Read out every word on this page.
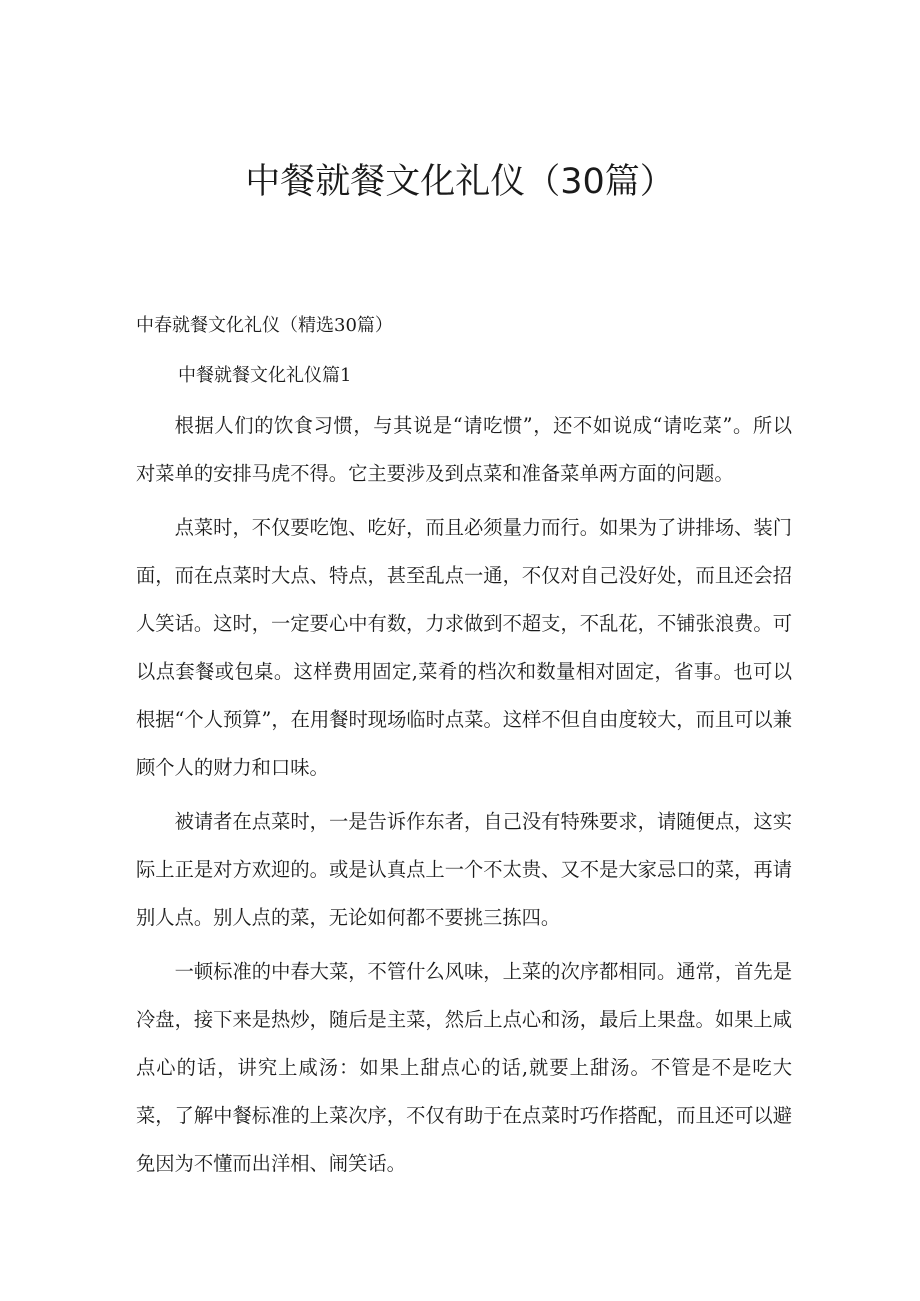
中餐就餐文化礼仪（30篇）
中春就餐文化礼仪（精选30篇）
中餐就餐文化礼仪篇1

根据人们的饮食习惯，与其说是“请吃惯”，还不如说成“请吃菜”。所以对菜单的安排马虎不得。它主要涉及到点菜和准备菜单两方面的问题。

点菜时，不仅要吃饱、吃好，而且必须量力而行。如果为了讲排场、装门面，而在点菜时大点、特点，甚至乱点一通，不仅对自己没好处，而且还会招人笑话。这时，一定要心中有数，力求做到不超支，不乱花，不铺张浪费。可以点套餐或包桌。这样费用固定,菜肴的档次和数量相对固定，省事。也可以根据“个人预算”，在用餐时现场临时点菜。这样不但自由度较大，而且可以兼顾个人的财力和口味。

被请者在点菜时，一是告诉作东者，自己没有特殊要求，请随便点，这实际上正是对方欢迎的。或是认真点上一个不太贵、又不是大家忌口的菜，再请别人点。别人点的菜，无论如何都不要挑三拣四。

一顿标准的中春大菜，不管什么风味，上菜的次序都相同。通常，首先是冷盘，接下来是热炒，随后是主菜，然后上点心和汤，最后上果盘。如果上咸点心的话，讲究上咸汤：如果上甜点心的话,就要上甜汤。不管是不是吃大菜，了解中餐标准的上菜次序，不仅有助于在点菜时巧作搭配，而且还可以避免因为不懂而出洋相、闹笑话。
